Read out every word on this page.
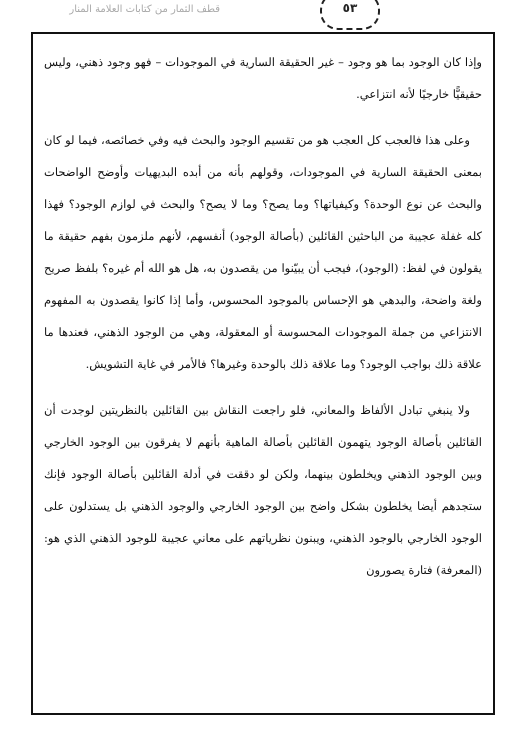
قطف الثمار من كتابات العلامة المنار	٥٣

وإذا كان الوجود بما هو وجود – غير الحقيقة السارية في الموجودات – فهو وجود ذهني، وليس حقيقيًّا خارجيًا لأنه انتزاعي.

وعلى هذا فالعجب كل العجب هو من تقسيم الوجود والبحث فيه وفي خصائصه، فيما لو كان بمعنى الحقيقة السارية في الموجودات، وقولهم بأنه من أبده البديهيات وأوضح الواضحات والبحث عن نوع الوحدة؟ وكيفياتها؟ وما يصح؟ وما لا يصح؟ والبحث في لوازم الوجود؟ فهذا كله غفلة عجيبة من الباحثين القائلين (بأصالة الوجود) أنفسهم، لأنهم ملزمون بفهم حقيقة ما يقولون في لفظ: (الوجود)، فيجب أن يبيّنوا من يقصدون به، هل هو الله أم غيره؟ بلفظ صريح ولغة واضحة، والبدهي هو الإحساس بالموجود المحسوس، وأما إذا كانوا يقصدون به المفهوم الانتزاعي من جملة الموجودات المحسوسة أو المعقولة، وهي من الوجود الذهني، فعندها ما علاقة ذلك بواجب الوجود؟ وما علاقة ذلك بالوحدة وغيرها؟ فالأمر في غاية التشويش.

ولا ينبغي تبادل الألفاظ والمعاني، فلو راجعت النقاش بين القائلين بالنظريتين لوجدت أن القائلين بأصالة الوجود يتهمون القائلين بأصالة الماهية بأنهم لا يفرقون بين الوجود الخارجي وبين الوجود الذهني ويخلطون بينهما، ولكن لو دققت في أدلة القائلين بأصالة الوجود فإنك ستجدهم أيضا يخلطون بشكل واضح بين الوجود الخارجي والوجود الذهني بل يستدلون على الوجود الخارجي بالوجود الذهني، ويبنون نظرياتهم على معاني عجيبة للوجود الذهني الذي هو: (المعرفة) فتارة يصورون
